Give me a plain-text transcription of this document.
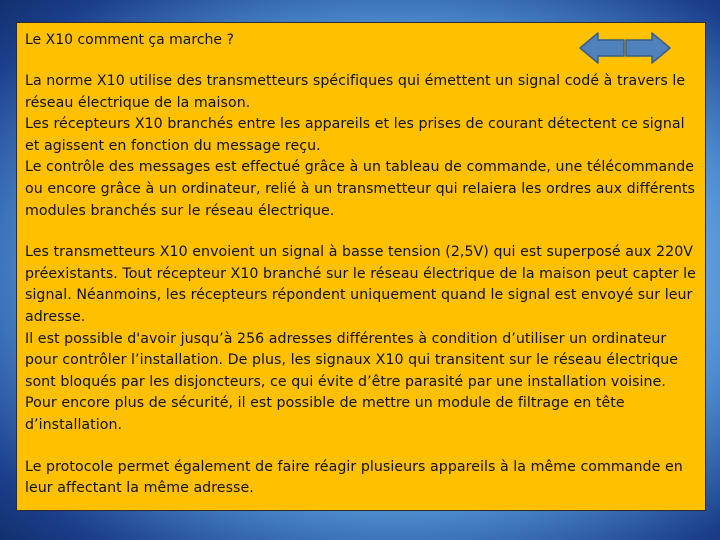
Le X10 comment ça marche ?

La norme X10 utilise des transmetteurs spécifiques qui émettent un signal codé à travers le réseau électrique de la maison.

Les récepteurs X10 branchés entre les appareils et les prises de courant détectent ce signal et agissent en fonction du message reçu.

Le contrôle des messages est effectué grâce à un tableau de commande, une télécommande ou encore grâce à un ordinateur, relié à un transmetteur qui relaiera les ordres aux différents modules branchés sur le réseau électrique.

Les transmetteurs X10 envoient un signal à basse tension (2,5V) qui est superposé aux 220V préexistants. Tout récepteur X10 branché sur le réseau électrique de la maison peut capter le signal. Néanmoins, les récepteurs répondent uniquement quand le signal est envoyé sur leur adresse.

Il est possible d'avoir jusqu’à 256 adresses différentes à condition d’utiliser un ordinateur pour contrôler l’installation. De plus, les signaux X10 qui transitent sur le réseau électrique sont bloqués par les disjoncteurs, ce qui évite d’être parasité par une installation voisine. Pour encore plus de sécurité, il est possible de mettre un module de filtrage en tête d’installation.

Le protocole permet également de faire réagir plusieurs appareils à la même commande en leur affectant la même adresse.
